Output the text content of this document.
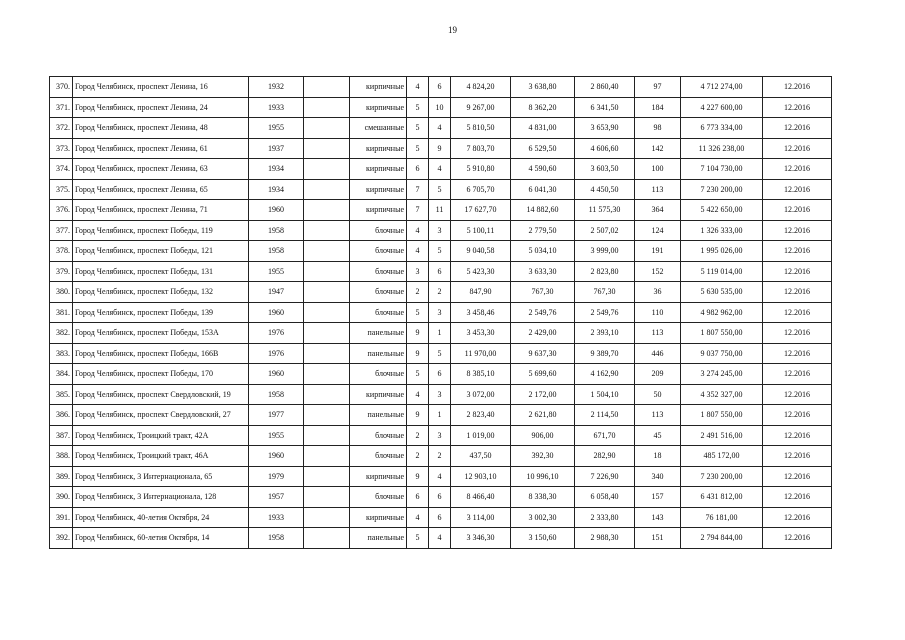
19
370.	Город Челябинск, проспект Ленина, 16	1932		кирпичные	4	6	4 824,20	3 638,80	2 860,40	97	4 712 274,00	12.2016
371.	Город Челябинск, проспект Ленина, 24	1933		кирпичные	5	10	9 267,00	8 362,20	6 341,50	184	4 227 600,00	12.2016
372.	Город Челябинск, проспект Ленина, 48	1955		смешанные	5	4	5 810,50	4 831,00	3 653,90	98	6 773 334,00	12.2016
373.	Город Челябинск, проспект Ленина, 61	1937		кирпичные	5	9	7 803,70	6 529,50	4 606,60	142	11 326 238,00	12.2016
374.	Город Челябинск, проспект Ленина, 63	1934		кирпичные	6	4	5 910,80	4 590,60	3 603,50	100	7 104 730,00	12.2016
375.	Город Челябинск, проспект Ленина, 65	1934		кирпичные	7	5	6 705,70	6 041,30	4 450,50	113	7 230 200,00	12.2016
376.	Город Челябинск, проспект Ленина, 71	1960		кирпичные	7	11	17 627,70	14 882,60	11 575,30	364	5 422 650,00	12.2016
377.	Город Челябинск, проспект Победы, 119	1958		блочные	4	3	5 100,11	2 779,50	2 507,02	124	1 326 333,00	12.2016
378.	Город Челябинск, проспект Победы, 121	1958		блочные	4	5	9 040,58	5 034,10	3 999,00	191	1 995 026,00	12.2016
379.	Город Челябинск, проспект Победы, 131	1955		блочные	3	6	5 423,30	3 633,30	2 823,80	152	5 119 014,00	12.2016
380.	Город Челябинск, проспект Победы, 132	1947		блочные	2	2	847,90	767,30	767,30	36	5 630 535,00	12.2016
381.	Город Челябинск, проспект Победы, 139	1960		блочные	5	3	3 458,46	2 549,76	2 549,76	110	4 982 962,00	12.2016
382.	Город Челябинск, проспект Победы, 153А	1976		панельные	9	1	3 453,30	2 429,00	2 393,10	113	1 807 550,00	12.2016
383.	Город Челябинск, проспект Победы, 166В	1976		панельные	9	5	11 970,00	9 637,30	9 389,70	446	9 037 750,00	12.2016
384.	Город Челябинск, проспект Победы, 170	1960		блочные	5	6	8 385,10	5 699,60	4 162,90	209	3 274 245,00	12.2016
385.	Город Челябинск, проспект Свердловский, 19	1958		кирпичные	4	3	3 072,00	2 172,00	1 504,10	50	4 352 327,00	12.2016
386.	Город Челябинск, проспект Свердловский, 27	1977		панельные	9	1	2 823,40	2 621,80	2 114,50	113	1 807 550,00	12.2016
387.	Город Челябинск, Троицкий тракт, 42А	1955		блочные	2	3	1 019,00	906,00	671,70	45	2 491 516,00	12.2016
388.	Город Челябинск, Троицкий тракт, 46А	1960		блочные	2	2	437,50	392,30	282,90	18	485 172,00	12.2016
389.	Город Челябинск, 3 Интернационала, 65	1979		кирпичные	9	4	12 903,10	10 996,10	7 226,90	340	7 230 200,00	12.2016
390.	Город Челябинск, 3 Интернационала, 128	1957		блочные	6	6	8 466,40	8 338,30	6 058,40	157	6 431 812,00	12.2016
391.	Город Челябинск, 40-летия Октября, 24	1933		кирпичные	4	6	3 114,00	3 002,30	2 333,80	143	76 181,00	12.2016
392.	Город Челябинск, 60-летия Октября, 14	1958		панельные	5	4	3 346,30	3 150,60	2 988,30	151	2 794 844,00	12.2016
